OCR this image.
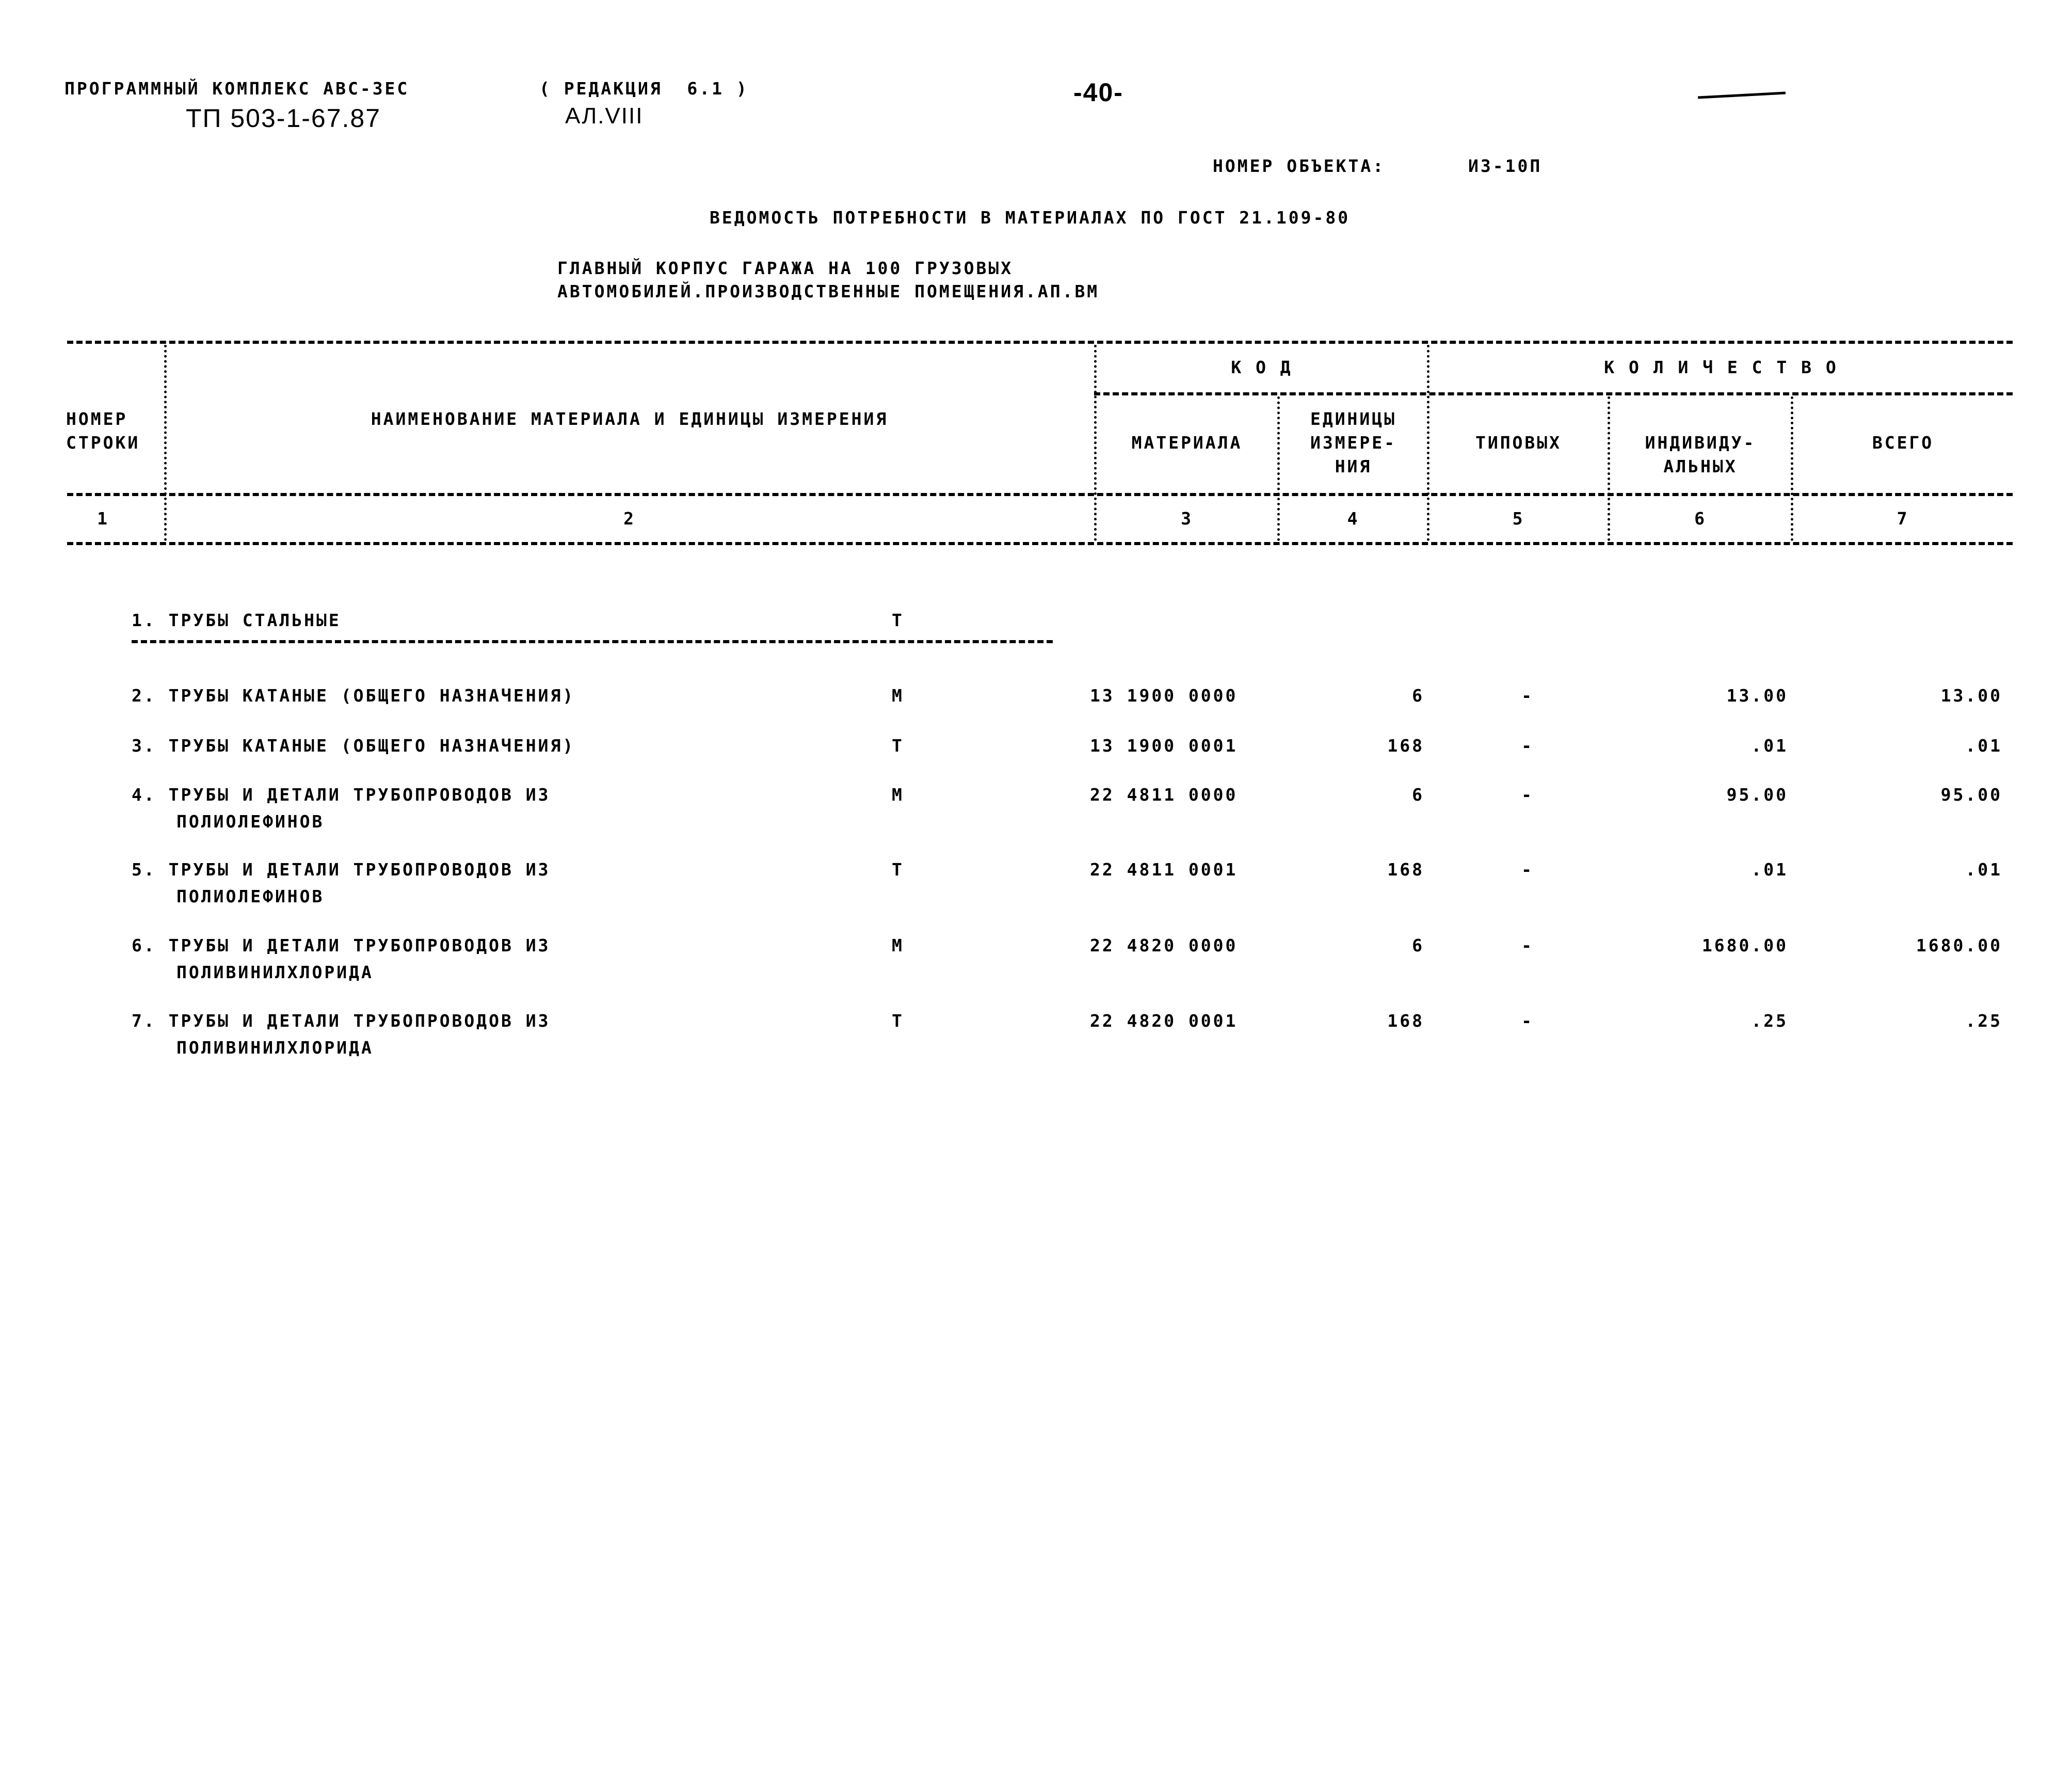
ПРОГРАММНЫЙ КОМПЛЕКС АВС-3ЕС	( РЕДАКЦИЯ  6.1 )
ТП 503-1-67.87	АЛ.VIII
-40-
НОМЕР ОБЪЕКТА:	ИЗ-10П
ВЕДОМОСТЬ ПОТРЕБНОСТИ В МАТЕРИАЛАХ ПО ГОСТ 21.109-80
ГЛАВНЫЙ КОРПУС ГАРАЖА НА 100 ГРУЗОВЫХ
АВТОМОБИЛЕЙ.ПРОИЗВОДСТВЕННЫЕ ПОМЕЩЕНИЯ.АП.ВМ
НОМЕР
СТРОКИ
НАИМЕНОВАНИЕ МАТЕРИАЛА И ЕДИНИЦЫ ИЗМЕРЕНИЯ
К О Д
МАТЕРИАЛА
ЕДИНИЦЫ
ИЗМЕРЕ-
НИЯ
К О Л И Ч Е С Т В О
ТИПОВЫХ	ИНДИВИДУ-
АЛЬНЫХ
ВСЕГО
1	2	3	4	5	6	7
1. ТРУБЫ СТАЛЬНЫЕ	Т
2. ТРУБЫ КАТАНЫЕ (ОБЩЕГО НАЗНАЧЕНИЯ)	М	13 1900 0000	6	-	13.00	13.00
3. ТРУБЫ КАТАНЫЕ (ОБЩЕГО НАЗНАЧЕНИЯ)	Т	13 1900 0001	168	-	.01	.01
4. ТРУБЫ И ДЕТАЛИ ТРУБОПРОВОДОВ ИЗ
ПОЛИОЛЕФИНОВ
М	22 4811 0000	6	-	95.00	95.00
5. ТРУБЫ И ДЕТАЛИ ТРУБОПРОВОДОВ ИЗ
ПОЛИОЛЕФИНОВ
Т	22 4811 0001	168	-	.01	.01
6. ТРУБЫ И ДЕТАЛИ ТРУБОПРОВОДОВ ИЗ
ПОЛИВИНИЛХЛОРИДА
М	22 4820 0000	6	-	1680.00	1680.00
7. ТРУБЫ И ДЕТАЛИ ТРУБОПРОВОДОВ ИЗ
ПОЛИВИНИЛХЛОРИДА
Т	22 4820 0001	168	-	.25	.25
